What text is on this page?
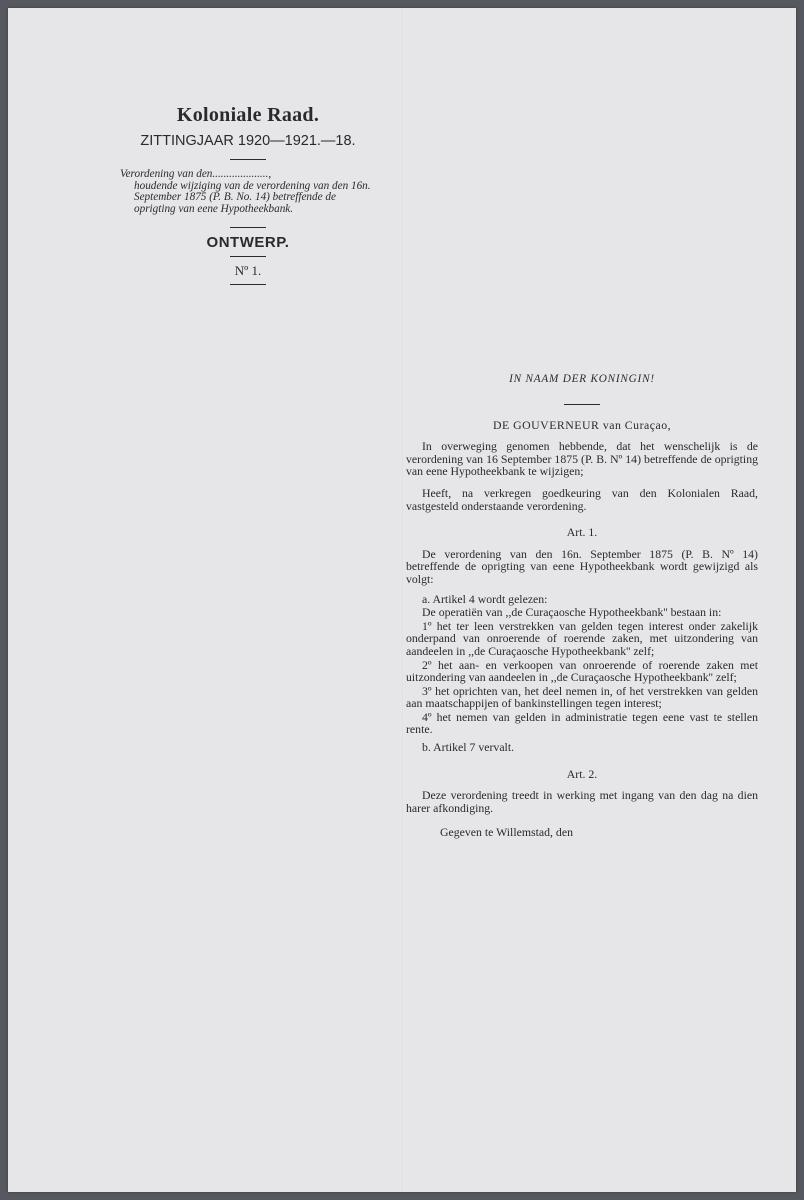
Koloniale Raad.
ZITTINGJAAR 1920—1921.—18.
Verordening van den....................,
houdende wijziging van de verordening van den 16n. September 1875 (P. B. No. 14) betreffende de oprigting van eene Hypotheekbank.
ONTWERP.
Nº 1.
IN NAAM DER KONINGIN!
DE GOUVERNEUR van Curaçao,
In overweging genomen hebbende, dat het wenschelijk is de verordening van 16 September 1875 (P. B. Nº 14) betreffende de oprigting van eene Hypotheekbank te wijzigen;
Heeft, na verkregen goedkeuring van den Kolonialen Raad, vastgesteld onderstaande verordening.
Art. 1.
De verordening van den 16n. September 1875 (P. B. Nº 14) betreffende de oprigting van eene Hypotheekbank wordt gewijzigd als volgt:
a. Artikel 4 wordt gelezen:
De operatiën van ,,de Curaçaosche Hypotheekbank'' bestaan in:
1º het ter leen verstrekken van gelden tegen interest onder zakelijk onderpand van onroerende of roerende zaken, met uitzondering van aandeelen in ,,de Curaçaosche Hypotheekbank'' zelf;
2º het aan- en verkoopen van onroerende of roerende zaken met uitzondering van aandeelen in ,,de Curaçaosche Hypotheekbank'' zelf;
3º het oprichten van, het deel nemen in, of het verstrekken van gelden aan maatschappijen of bankinstellingen tegen interest;
4º het nemen van gelden in administratie tegen eene vast te stellen rente.
b. Artikel 7 vervalt.
Art. 2.
Deze verordening treedt in werking met ingang van den dag na dien harer afkondiging.
Gegeven te Willemstad, den
